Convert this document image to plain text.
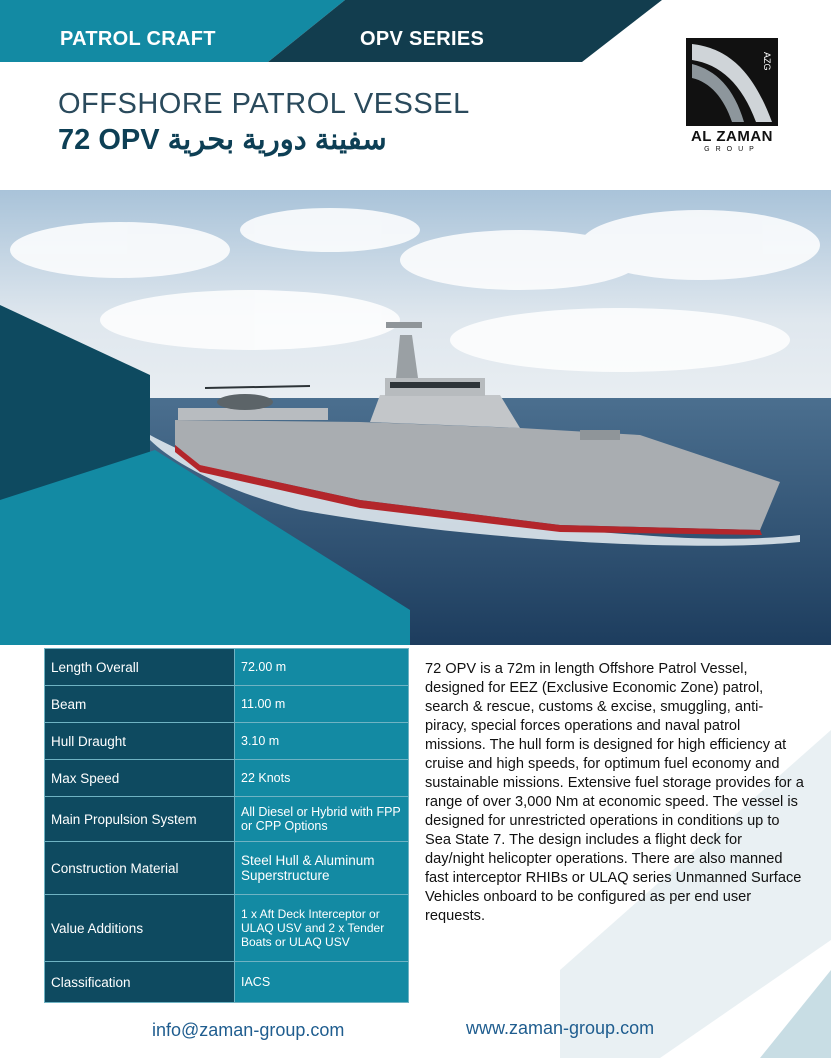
PATROL CRAFT	OPV SERIES
OFFSHORE PATROL VESSEL
72 OPV سفينة دورية بحرية
AZG
AL ZAMAN
GROUP
Length Overall	72.00 m
Beam	11.00 m
Hull Draught	3.10 m
Max Speed	22 Knots
Main Propulsion System	All Diesel or Hybrid with FPP or CPP Options
Construction Material	Steel Hull & Aluminum Superstructure
Value Additions	1 x Aft Deck Interceptor or ULAQ USV and 2 x Tender Boats or ULAQ USV
Classification	IACS
72 OPV is a 72m in length Offshore Patrol Vessel, designed for EEZ (Exclusive Economic Zone) patrol, search & rescue, customs & excise, smuggling, anti-piracy, special forces operations and naval patrol missions. The hull form is designed for high efficiency at cruise and high speeds, for optimum fuel economy and sustainable missions. Extensive fuel storage provides for a range of over 3,000 Nm at economic speed. The vessel is designed for unrestricted operations in conditions up to Sea State 7. The design includes a flight deck for day/night helicopter operations. There are also manned fast interceptor RHIBs or ULAQ series Unmanned Surface Vehicles onboard to be configured as per end user requests.
info@zaman-group.com	www.zaman-group.com
